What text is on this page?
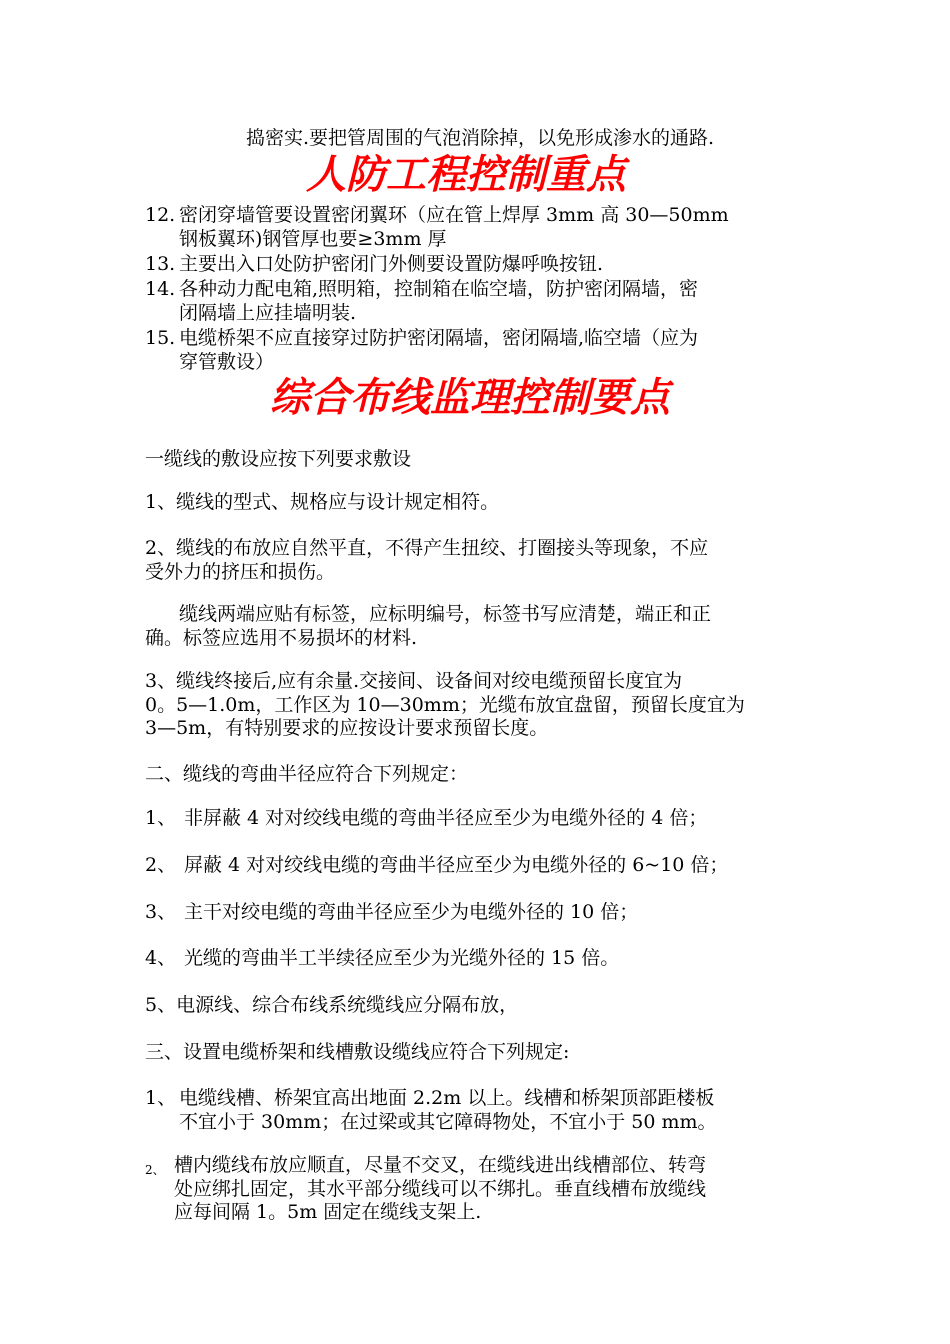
捣密实.要把管周围的气泡消除掉，以免形成渗水的通路.
人防工程控制重点
12. 密闭穿墙管要设置密闭翼环（应在管上焊厚 3mm 高 30—50mm
钢板翼环)钢管厚也要≥3mm 厚
13. 主要出入口处防护密闭门外侧要设置防爆呼唤按钮.
14. 各种动力配电箱,照明箱，控制箱在临空墙，防护密闭隔墙，密
闭隔墙上应挂墙明装.
15. 电缆桥架不应直接穿过防护密闭隔墙，密闭隔墙,临空墙（应为
穿管敷设）
综合布线监理控制要点
一缆线的敷设应按下列要求敷设
1、缆线的型式、规格应与设计规定相符。
2、缆线的布放应自然平直，不得产生扭绞、打圈接头等现象，不应
受外力的挤压和损伤。
缆线两端应贴有标签，应标明编号，标签书写应清楚，端正和正
确。标签应选用不易损坏的材料.
3、缆线终接后,应有余量.交接间、设备间对绞电缆预留长度宜为
0。5—1.0m，工作区为 10—30mm；光缆布放宜盘留，预留长度宜为
3—5m，有特别要求的应按设计要求预留长度。
二、缆线的弯曲半径应符合下列规定：
1、 非屏蔽 4 对对绞线电缆的弯曲半径应至少为电缆外径的 4 倍；
2、 屏蔽 4 对对绞线电缆的弯曲半径应至少为电缆外径的 6~10 倍；
3、 主干对绞电缆的弯曲半径应至少为电缆外径的 10 倍；
4、 光缆的弯曲半工半续径应至少为光缆外径的 15 倍。
5、电源线、综合布线系统缆线应分隔布放，
三、设置电缆桥架和线槽敷设缆线应符合下列规定:
1、 电缆线槽、桥架宜高出地面 2.2m 以上。线槽和桥架顶部距楼板
不宜小于 30mm；在过梁或其它障碍物处，不宜小于 50 mm。
2、 槽内缆线布放应顺直，尽量不交叉，在缆线进出线槽部位、转弯
处应绑扎固定，其水平部分缆线可以不绑扎。垂直线槽布放缆线
应每间隔 1。5m 固定在缆线支架上.
